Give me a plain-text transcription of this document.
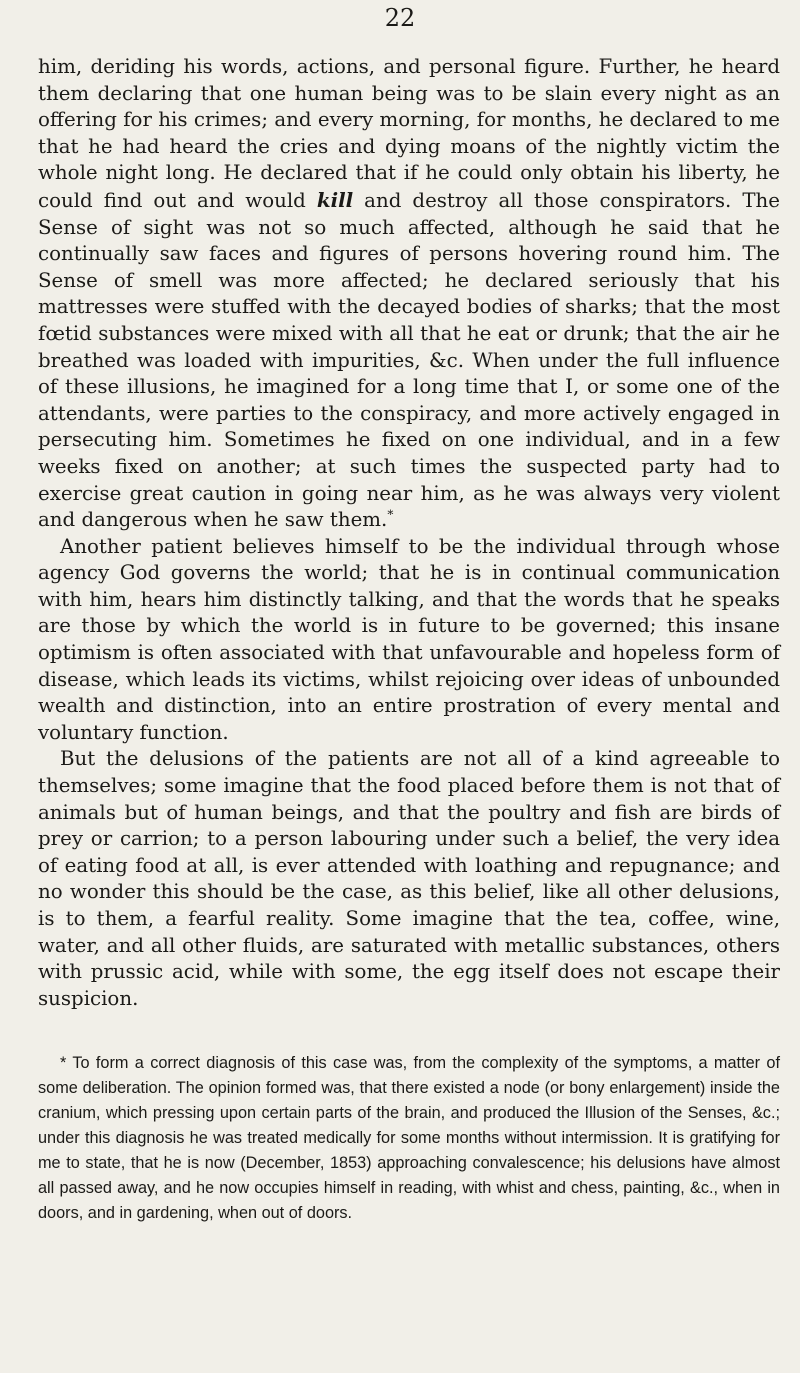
22

him, deriding his words, actions, and personal figure. Further, he heard them declaring that one human being was to be slain every night as an offering for his crimes; and every morning, for months, he declared to me that he had heard the cries and dying moans of the nightly victim the whole night long. He declared that if he could only obtain his liberty, he could find out and would kill and destroy all those conspirators. The Sense of sight was not so much affected, although he said that he continually saw faces and figures of persons hovering round him. The Sense of smell was more affected; he declared seriously that his mattresses were stuffed with the decayed bodies of sharks; that the most fœtid substances were mixed with all that he eat or drunk; that the air he breathed was loaded with impurities, &c. When under the full influence of these illusions, he imagined for a long time that I, or some one of the attendants, were parties to the conspiracy, and more actively engaged in persecuting him. Sometimes he fixed on one individual, and in a few weeks fixed on another; at such times the suspected party had to exercise great caution in going near him, as he was always very violent and dangerous when he saw them.*

Another patient believes himself to be the individual through whose agency God governs the world; that he is in continual communication with him, hears him distinctly talking, and that the words that he speaks are those by which the world is in future to be governed; this insane optimism is often associated with that unfavourable and hopeless form of disease, which leads its victims, whilst rejoicing over ideas of unbounded wealth and distinction, into an entire prostration of every mental and voluntary function.

But the delusions of the patients are not all of a kind agreeable to themselves; some imagine that the food placed before them is not that of animals but of human beings, and that the poultry and fish are birds of prey or carrion; to a person labouring under such a belief, the very idea of eating food at all, is ever attended with loathing and repugnance; and no wonder this should be the case, as this belief, like all other delusions, is to them, a fearful reality. Some imagine that the tea, coffee, wine, water, and all other fluids, are saturated with metallic substances, others with prussic acid, while with some, the egg itself does not escape their suspicion.

* To form a correct diagnosis of this case was, from the complexity of the symptoms, a matter of some deliberation. The opinion formed was, that there existed a node (or bony enlargement) inside the cranium, which pressing upon certain parts of the brain, and produced the Illusion of the Senses, &c.; under this diagnosis he was treated medically for some months without intermission. It is gratifying for me to state, that he is now (December, 1853) approaching convalescence; his delusions have almost all passed away, and he now occupies himself in reading, with whist and chess, painting, &c., when in doors, and in gardening, when out of doors.
